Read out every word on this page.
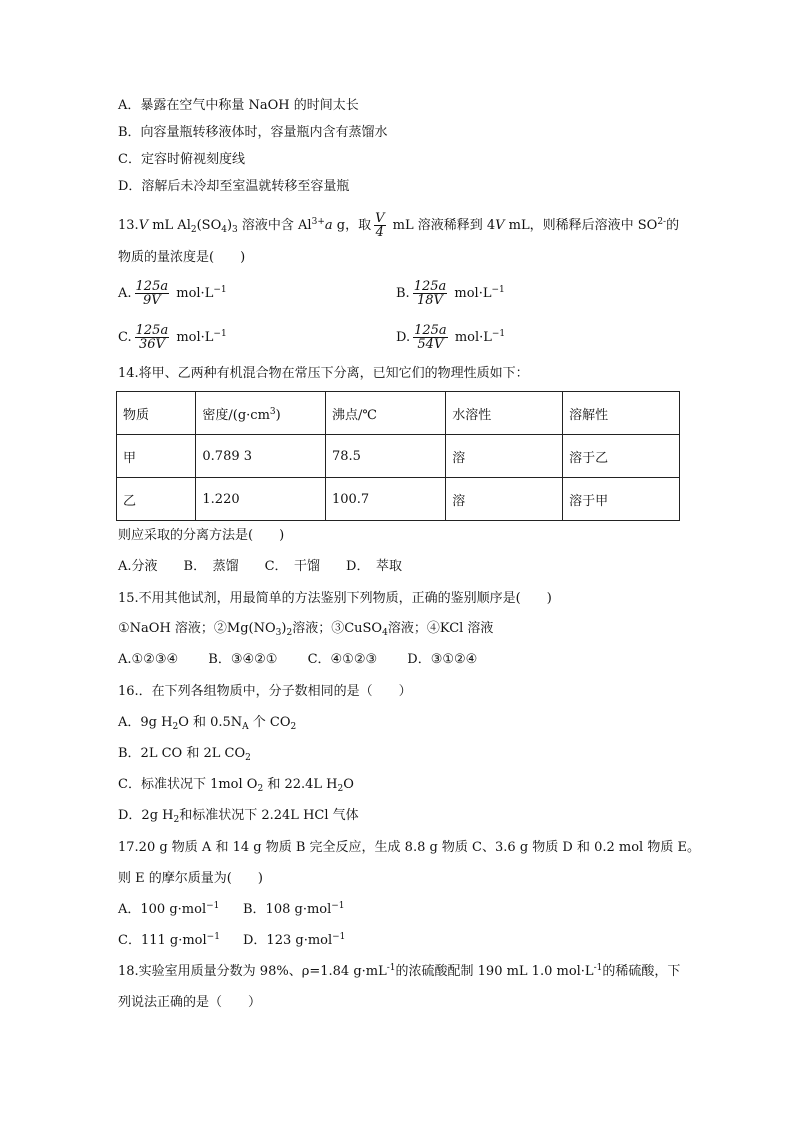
A．暴露在空气中称量 NaOH 的时间太长
B．向容量瓶转移液体时，容量瓶内含有蒸馏水
C．定容时俯视刻度线
D．溶解后未冷却至室温就转移至容量瓶
13.V mL $Al_2(SO_4)_3$ 溶液中含 $Al^{3+}a$ g，取 $\frac{V}{4}$ mL 溶液稀释到 4V mL，则稀释后溶液中 $SO^{2-}$的
物质的量浓度是(　　)
A. $\frac{125a}{9V} mol\cdot L^{-1}$	B. $\frac{125a}{18V} mol\cdot L^{-1}$
C. $\frac{125a}{36V} mol\cdot L^{-1}$	D. $\frac{125a}{54V} mol\cdot L^{-1}$
14.将甲、乙两种有机混合物在常压下分离，已知它们的物理性质如下：
物质	密度$/(g\cdot cm^3)$	沸点/℃	水溶性	溶解性
甲	0.789 3	78.5	溶	溶于乙
乙	1.220	100.7	溶	溶于甲
则应采取的分离方法是(　　)
A.分液　　B．　蒸馏　　C．　干馏　　D．　萃取
15.不用其他试剂，用最简单的方法鉴别下列物质，正确的鉴别顺序是(　　)
①NaOH 溶液；$②Mg(NO_3)_2$溶液；③CuSO$_4$溶液；④KCl 溶液
A.①②③④　　 B．③④②①　　 C．④①②③　　 D．③①②④
16.．在下列各组物质中，分子数相同的是（　　）
A．9g $H_2O$ 和 $0.5N_A$ 个 $CO_2$
B．2L CO 和 2L $CO_2$
C．标准状况下 1mol $O_2$ 和 22.4L $H_2O$
D．2g $H_2$和标准状况下 2.24L HCl 气体
17.20 g 物质 A 和 14 g 物质 B 完全反应，生成 8.8 g 物质 C、3.6 g 物质 D 和 0.2 mol 物质 E。
则 E 的摩尔质量为(　　)
A．100 g·mol$^{-1}$ B．108 g·mol$^{-1}$
C．111 g·mol$^{-1}$ D．123 g·mol$^{-1}$
18.实验室用质量分数为 98%、ρ=1.84 $g\cdot mL^{-1}$的浓硫酸配制 190 mL 1.0 $mol\cdot L^{-1}$的稀硫酸，下
列说法正确的是（　　）
